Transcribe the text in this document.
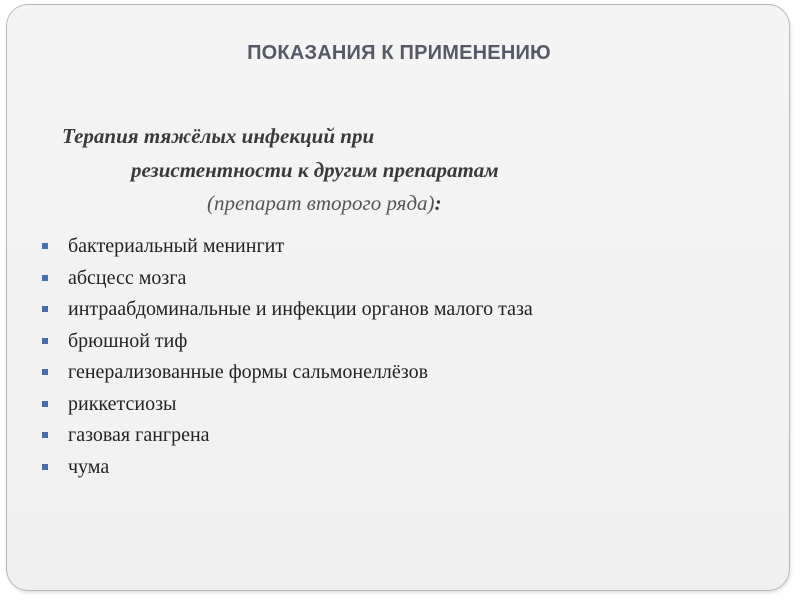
ПОКАЗАНИЯ К ПРИМЕНЕНИЮ
Терапия тяжёлых инфекций при
резистентности к другим препаратам
(препарат второго ряда):
бактериальный менингит
абсцесс мозга
интраабдоминальные и инфекции органов малого таза
брюшной тиф
генерализованные формы сальмонеллёзов
риккетсиозы
газовая гангрена
чума
